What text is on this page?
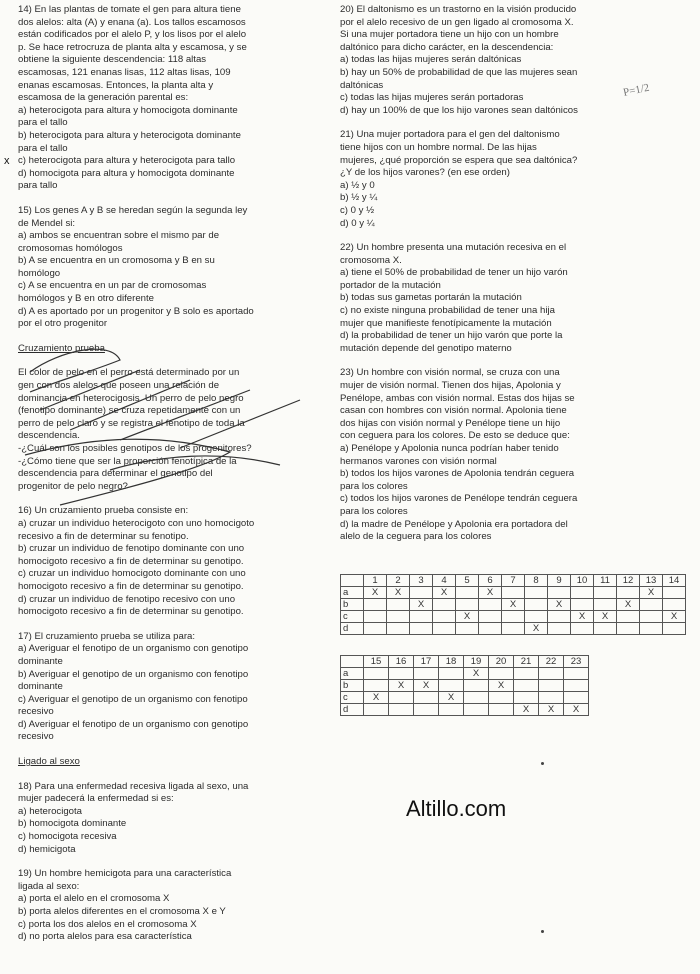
14) En las plantas de tomate el gen para altura tiene
dos alelos: alta (A) y enana (a). Los tallos escamosos
están codificados por el alelo P, y los lisos por el alelo
p. Se hace retrocruza de planta alta y escamosa, y se
obtiene la siguiente descendencia: 118 altas
escamosas, 121 enanas lisas, 112 altas lisas, 109
enanas escamosas. Entonces, la planta alta y
escamosa de la generación parental es:
a) heterocigota para altura y homocigota dominante
para el tallo
b) heterocigota para altura y heterocigota dominante
para el tallo
x c) heterocigota para altura y heterocigota para tallo
d) homocigota para altura y homocigota dominante
para tallo
15) Los genes A y B se heredan según la segunda ley
de Mendel si:
a) ambos se encuentran sobre el mismo par de
cromosomas homólogos
b) A se encuentra en un cromosoma y B en su
homólogo
c) A se encuentra en un par de cromosomas
homólogos y B en otro diferente
d) A es aportado por un progenitor y B solo es aportado
por el otro progenitor
Cruzamiento prueba
El color de pelo en el perro está determinado por un
gen con dos alelos que poseen una relación de
dominancia en heterocigosis. Un perro de pelo negro
(fenotipo dominante) se cruza repetidamente con un
perro de pelo claro y se registra el fenotipo de toda la
descendencia.
-¿Cuál son los posibles genotipos de los progenitores?
-¿Cómo tiene que ser la proporción fenotípica de la
descendencia para determinar el genotipo del
progenitor de pelo negro?
16) Un cruzamiento prueba consiste en:
a) cruzar un individuo heterocigoto con uno homocigoto
recesivo a fin de determinar su fenotipo.
b) cruzar un individuo de fenotipo dominante con uno
homocigoto recesivo a fin de determinar su genotipo.
c) cruzar un individuo homocigoto dominante con uno
homocigoto recesivo a fin de determinar su genotipo.
d) cruzar un individuo de fenotipo recesivo con uno
homocigoto recesivo a fin de determinar su genotipo.
17) El cruzamiento prueba se utiliza para:
a) Averiguar el fenotipo de un organismo con genotipo
dominante
b) Averiguar el genotipo de un organismo con fenotipo
dominante
c) Averiguar el genotipo de un organismo con fenotipo
recesivo
d) Averiguar el fenotipo de un organismo con genotipo
recesivo
Ligado al sexo
18) Para una enfermedad recesiva ligada al sexo, una
mujer padecerá la enfermedad si es:
a) heterocigota
b) homocigota dominante
c) homocigota recesiva
d) hemicigota
19) Un hombre hemicigota para una característica
ligada al sexo:
a) porta el alelo en el cromosoma X
b) porta alelos diferentes en el cromosoma X e Y
c) porta los dos alelos en el cromosoma X
d) no porta alelos para esa característica
20) El daltonismo es un trastorno en la visión producido
por el alelo recesivo de un gen ligado al cromosoma X.
Si una mujer portadora tiene un hijo con un hombre
daltónico para dicho carácter, en la descendencia:
a) todas las hijas mujeres serán daltónicas
b) hay un 50% de probabilidad de que las mujeres sean
daltónicas
c) todas las hijas mujeres serán portadoras
d) hay un 100% de que los hijo varones sean daltónicos
21) Una mujer portadora para el gen del daltonismo
tiene hijos con un hombre normal. De las hijas
mujeres, ¿qué proporción se espera que sea daltónica?
¿Y de los hijos varones? (en ese orden)
a) ½ y 0
b) ½ y ¼
c) 0 y ½
d) 0 y ¼
22) Un hombre presenta una mutación recesiva en el
cromosoma X.
a) tiene el 50% de probabilidad de tener un hijo varón
portador de la mutación
b) todas sus gametas portarán la mutación
c) no existe ninguna probabilidad de tener una hija
mujer que manifieste fenotípicamente la mutación
d) la probabilidad de tener un hijo varón que porte la
mutación depende del genotipo materno
23) Un hombre con visión normal, se cruza con una
mujer de visión normal. Tienen dos hijas, Apolonia y
Penélope, ambas con visión normal. Estas dos hijas se
casan con hombres con visión normal. Apolonia tiene
dos hijas con visión normal y Penélope tiene un hijo
con ceguera para los colores. De esto se deduce que:
a) Penélope y Apolonia nunca podrían haber tenido
hermanos varones con visión normal
b) todos los hijos varones de Apolonia tendrán ceguera
para los colores
c) todos los hijos varones de Penélope tendrán ceguera
para los colores
d) la madre de Penélope y Apolonia era portadora del
alelo de la ceguera para los colores
	1	2	3	4	5	6	7	8	9	10	11	12	13	14
a	X	X		X		X							X	
b			X				X		X			X		
c					X					X	X			X
d								X						
	15	16	17	18	19	20	21	22	23
a					X				
b		X	X			X			
c	X			X					
d							X	X	X
Altillo.com
P=1/2
